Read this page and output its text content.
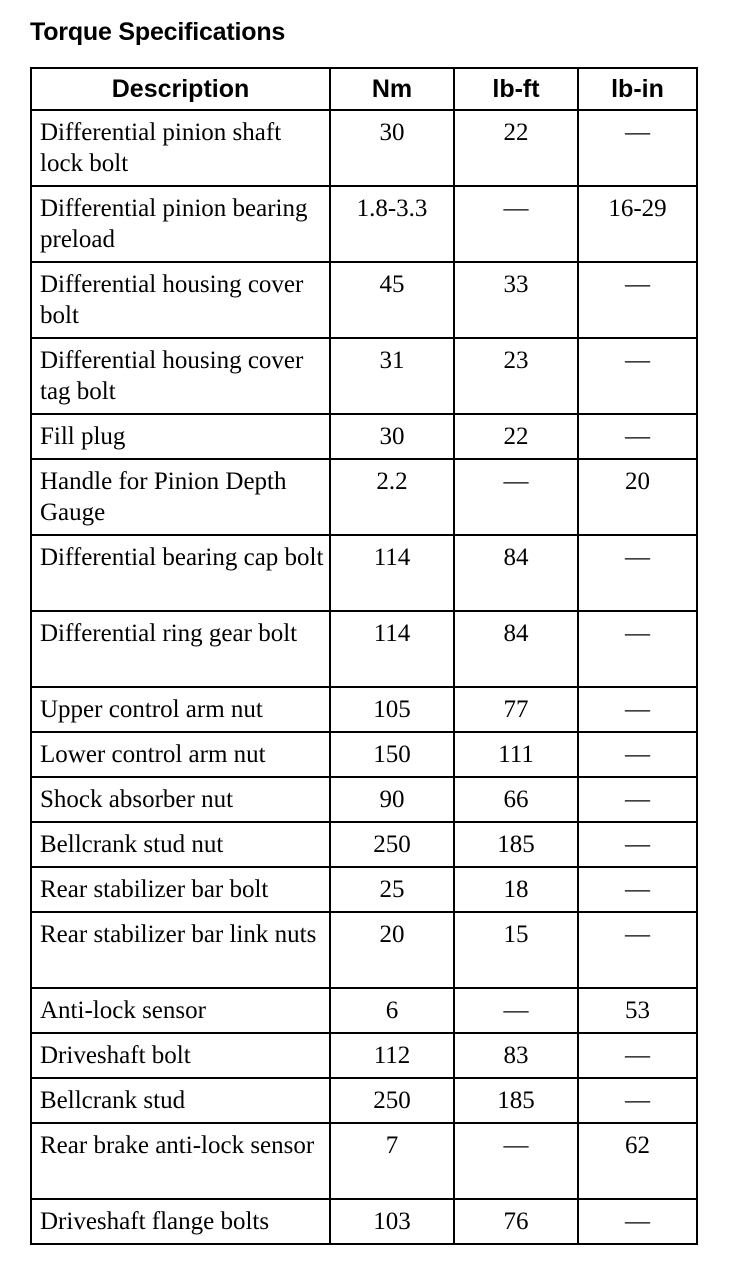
Torque Specifications
Description	Nm	lb-ft	lb-in
Differential pinion shaft lock bolt	30	22	—
Differential pinion bearing preload	1.8-3.3	—	16-29
Differential housing cover bolt	45	33	—
Differential housing cover tag bolt	31	23	—
Fill plug	30	22	—
Handle for Pinion Depth Gauge	2.2	—	20
Differential bearing cap bolt	114	84	—
Differential ring gear bolt	114	84	—
Upper control arm nut	105	77	—
Lower control arm nut	150	111	—
Shock absorber nut	90	66	—
Bellcrank stud nut	250	185	—
Rear stabilizer bar bolt	25	18	—
Rear stabilizer bar link nuts	20	15	—
Anti-lock sensor	6	—	53
Driveshaft bolt	112	83	—
Bellcrank stud	250	185	—
Rear brake anti-lock sensor	7	—	62
Driveshaft flange bolts	103	76	—
